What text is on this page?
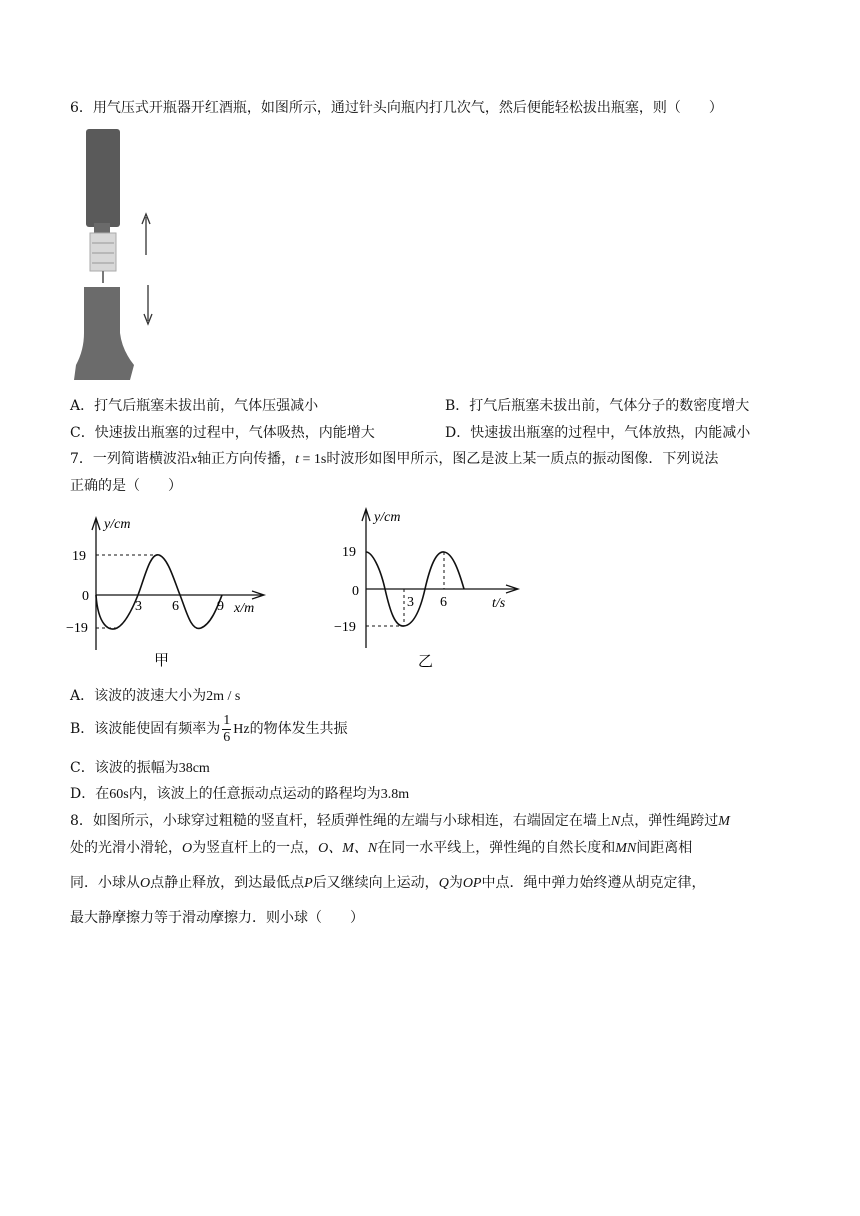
6．用气压式开瓶器开红酒瓶，如图所示，通过针头向瓶内打几次气，然后便能轻松拔出瓶塞，则（　　）
A．打气后瓶塞未拔出前，气体压强减小	B．打气后瓶塞未拔出前，气体分子的数密度增大
C．快速拔出瓶塞的过程中，气体吸热，内能增大	D．快速拔出瓶塞的过程中，气体放热，内能减小
7．一列简谐横波沿x轴正方向传播，t = 1s时波形如图甲所示，图乙是波上某一质点的振动图像．下列说法
正确的是（　　）
y/cm
19
0
−19
3 6	9 x/m
甲
y/cm
19
0
−19
3 6	t/s
乙
A．该波的波速大小为2m / s
B．该波能使固有频率为 $\frac{1}{6}$ Hz的物体发生共振
C．该波的振幅为38cm
D．在60s内，该波上的任意振动点运动的路程均为3.8m
8．如图所示，小球穿过粗糙的竖直杆，轻质弹性绳的左端与小球相连，右端固定在墙上N点，弹性绳跨过M
处的光滑小滑轮，O为竖直杆上的一点，O、M、N在同一水平线上，弹性绳的自然长度和MN间距离相
同．小球从O点静止释放，到达最低点P后又继续向上运动，Q为OP中点．绳中弹力始终遵从胡克定律，
最大静摩擦力等于滑动摩擦力．则小球（　　）
